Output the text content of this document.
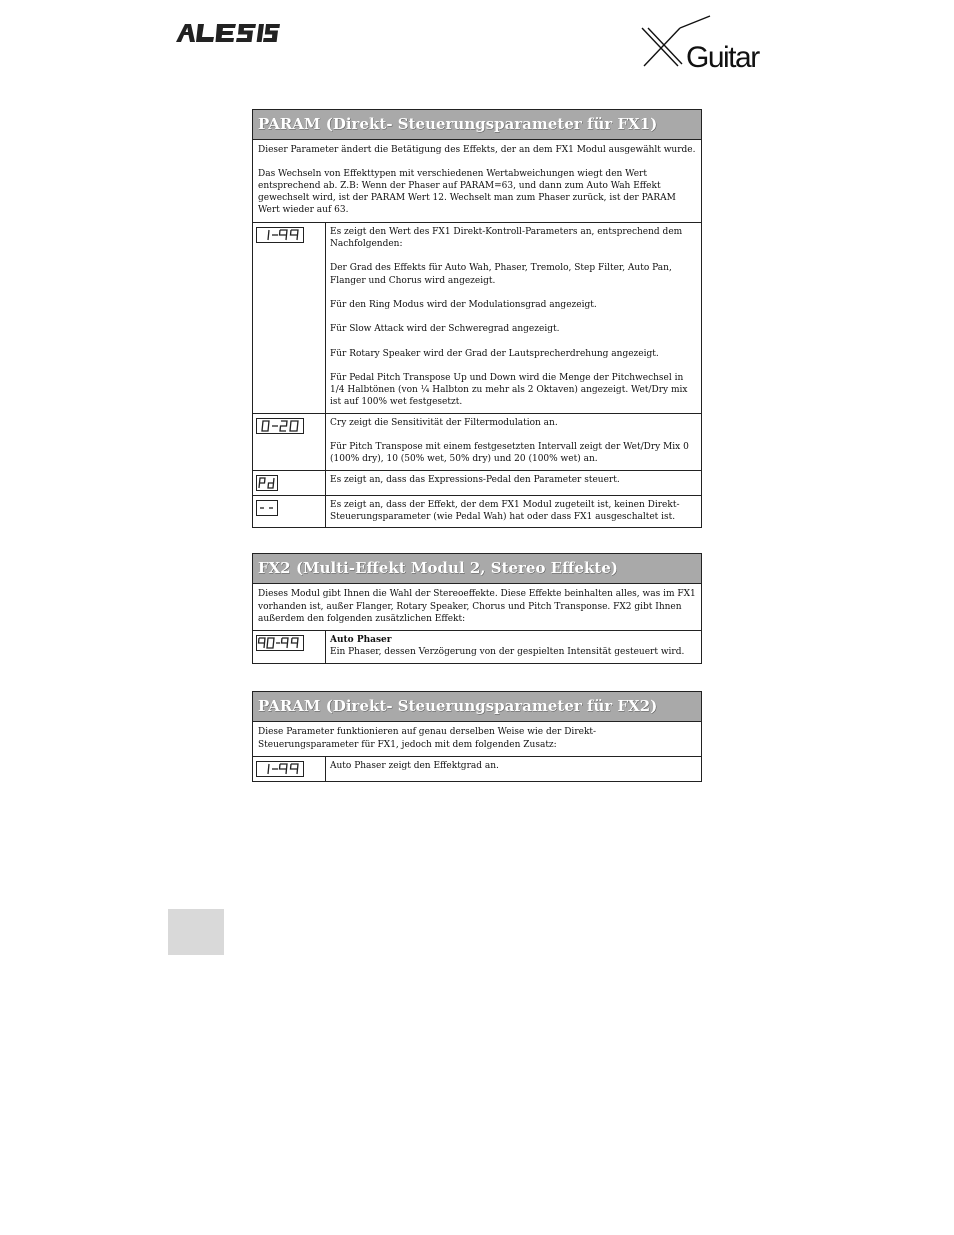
Guitar
PARAM (Direkt- Steuerungsparameter für FX1)

Dieser Parameter ändert die Betätigung des Effekts, der an dem FX1 Modul ausgewählt wurde.

Das Wechseln von Effekttypen mit verschiedenen Wertabweichungen wiegt den Wert entsprechend ab. Z.B: Wenn der Phaser auf PARAM=63, und dann zum Auto Wah Effekt gewechselt wird, ist der PARAM Wert 12. Wechselt man zum Phaser zurück, ist der PARAM Wert wieder auf 63.

Es zeigt den Wert des FX1 Direkt-Kontroll-Parameters an, entsprechend dem Nachfolgenden:

Der Grad des Effekts für Auto Wah, Phaser, Tremolo, Step Filter, Auto Pan, Flanger und Chorus wird angezeigt.

Für den Ring Modus wird der Modulationsgrad angezeigt.

Für Slow Attack wird der Schweregrad angezeigt.

Für Rotary Speaker wird der Grad der Lautsprecherdrehung angezeigt.

Für Pedal Pitch Transpose Up und Down wird die Menge der Pitchwechsel in 1/4 Halbtönen (von ¼ Halbton zu mehr als 2 Oktaven) angezeigt. Wet/Dry mix ist auf 100% wet festgesetzt.

Cry zeigt die Sensitivität der Filtermodulation an.

Für Pitch Transpose mit einem festgesetzten Intervall zeigt der Wet/Dry Mix 0 (100% dry), 10 (50% wet, 50% dry) und 20 (100% wet) an.

Es zeigt an, dass das Expressions-Pedal den Parameter steuert.

Es zeigt an, dass der Effekt, der dem FX1 Modul zugeteilt ist, keinen Direkt-Steuerungsparameter (wie Pedal Wah) hat oder dass FX1 ausgeschaltet ist.

FX2 (Multi-Effekt Modul 2, Stereo Effekte)

Dieses Modul gibt Ihnen die Wahl der Stereoeffekte. Diese Effekte beinhalten alles, was im FX1 vorhanden ist, außer Flanger, Rotary Speaker, Chorus und Pitch Transponse. FX2 gibt Ihnen außerdem den folgenden zusätzlichen Effekt:

Auto Phaser

Ein Phaser, dessen Verzögerung von der gespielten Intensität gesteuert wird.

PARAM (Direkt- Steuerungsparameter für FX2)

Diese Parameter funktionieren auf genau derselben Weise wie der Direkt- Steuerungsparameter für FX1, jedoch mit dem folgenden Zusatz:

Auto Phaser zeigt den Effektgrad an.
